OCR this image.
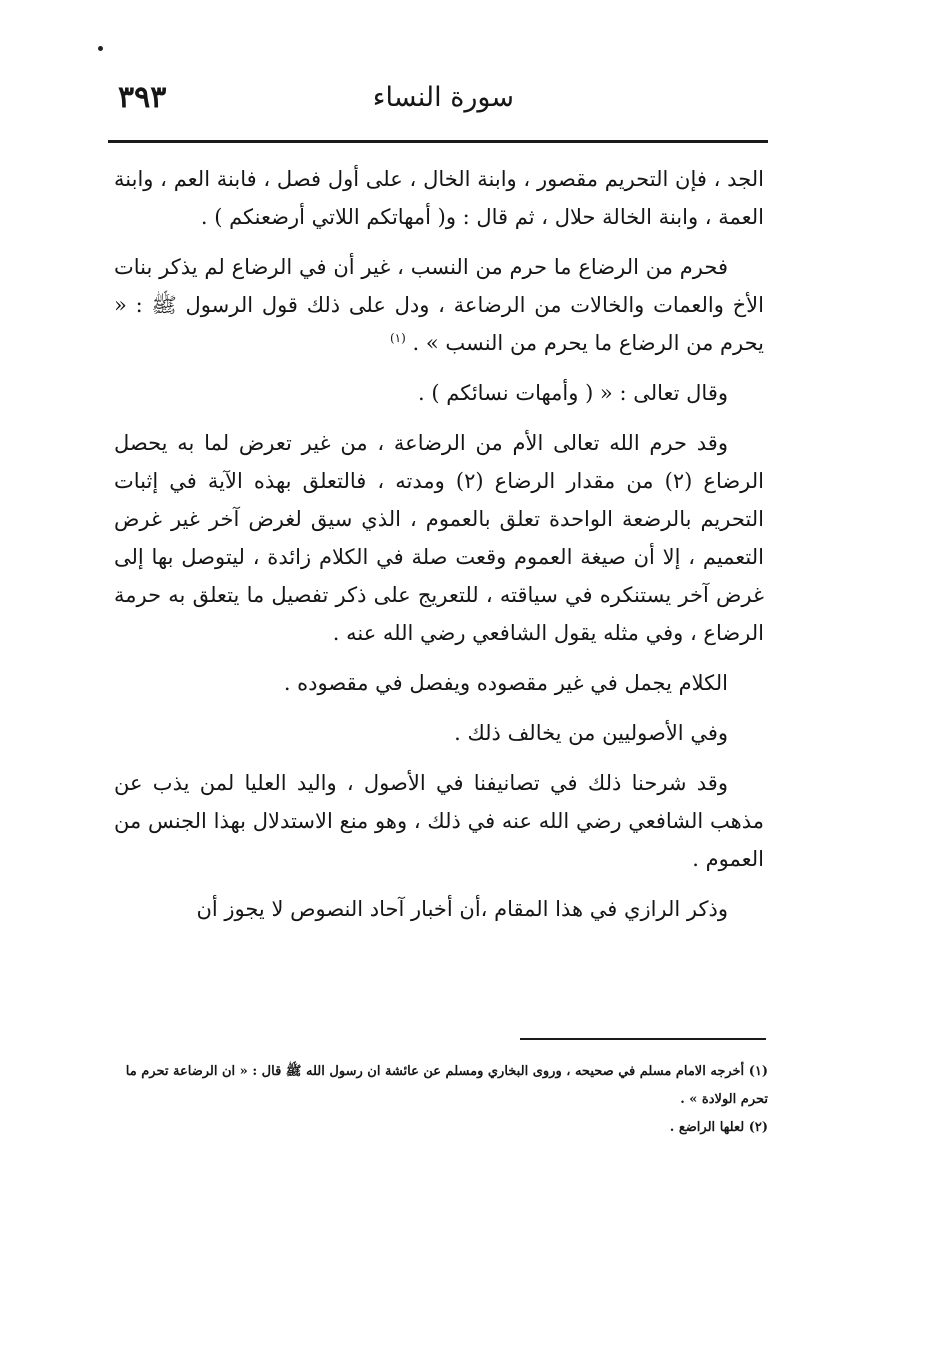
٣٩٣	سورة النساء

الجد ، فإن التحريم مقصور ، وابنة الخال ، على أول فصل ، فابنة العم ، وابنة العمة ، وابنة الخالة حلال ، ثم قال : و( أمهاتكم اللاتي أرضعنكم ) .

فحرم من الرضاع ما حرم من النسب ، غير أن في الرضاع لم يذكر بنات الأخ والعمات والخالات من الرضاعة ، ودل على ذلك قول الرسول ﷺ : « يحرم من الرضاع ما يحرم من النسب » . $^{(١)}$

وقال تعالى : « ( وأمهات نسائكم ) .

وقد حرم الله تعالى الأم من الرضاعة ، من غير تعرض لما به يحصل الرضاع (٢) من مقدار الرضاع (٢) ومدته ، فالتعلق بهذه الآية في إثبات التحريم بالرضعة الواحدة تعلق بالعموم ، الذي سيق لغرض آخر غير غرض التعميم ، إلا أن صيغة العموم وقعت صلة في الكلام زائدة ، ليتوصل بها إلى غرض آخر يستنكره في سياقته ، للتعريج على ذكر تفصيل ما يتعلق به حرمة الرضاع ، وفي مثله يقول الشافعي رضي الله عنه .

الكلام يجمل في غير مقصوده ويفصل في مقصوده .

وفي الأصوليين من يخالف ذلك .

وقد شرحنا ذلك في تصانيفنا في الأصول ، واليد العليا لمن يذب عن مذهب الشافعي رضي الله عنه في ذلك ، وهو منع الاستدلال بهذا الجنس من العموم .

وذكر الرازي في هذا المقام ،أن أخبار آحاد النصوص لا يجوز أن

(١) أخرجه الامام مسلم في صحيحه ، وروى البخاري ومسلم عن عائشة ان رسول الله ﷺ قال : « ان الرضاعة تحرم ما تحرم الولادة » .

(٢) لعلها الراضع .
